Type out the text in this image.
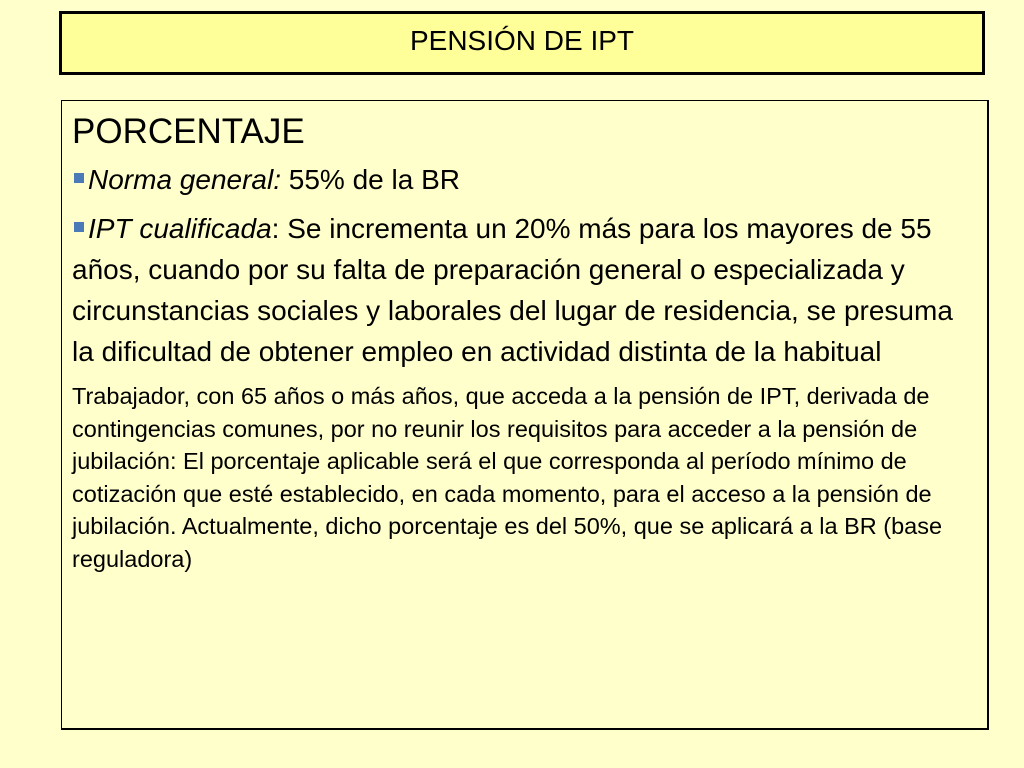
PENSIÓN DE IPT
PORCENTAJE
Norma general: 55% de la BR
IPT cualificada: Se incrementa un 20% más para los mayores de 55 años, cuando por su falta de preparación general o especializada y circunstancias sociales y laborales del lugar de residencia, se presuma la dificultad de obtener empleo en actividad distinta de la habitual

Trabajador, con 65 años o más años, que acceda a la pensión de IPT, derivada de contingencias comunes, por no reunir los requisitos para acceder a la pensión de jubilación: El porcentaje aplicable será el que corresponda al período mínimo de cotización que esté establecido, en cada momento, para el acceso a la pensión de jubilación. Actualmente, dicho porcentaje es del 50%, que se aplicará a la BR (base reguladora)
